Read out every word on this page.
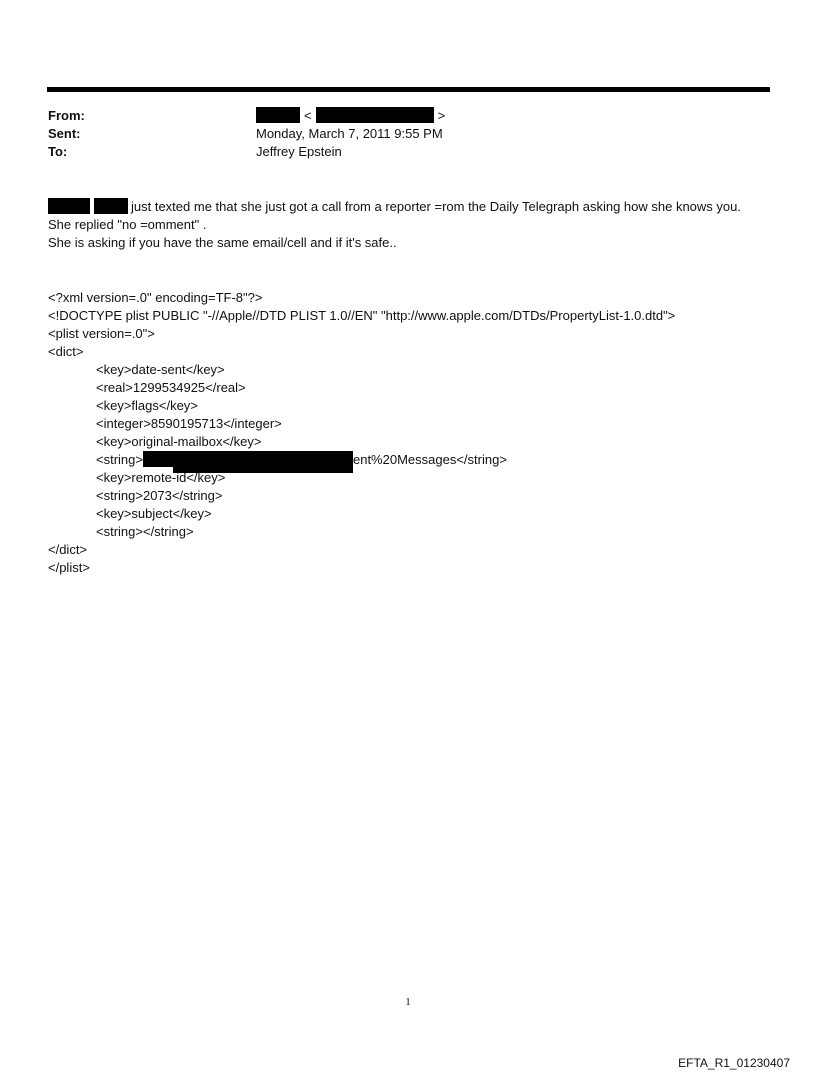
From:	<	>
Sent:	Monday, March 7, 2011 9:55 PM
To:	Jeffrey Epstein

just texted me that she just got a call from a reporter =rom the Daily Telegraph asking how she knows you.

She replied "no =omment" .

She is asking if you have the same email/cell and if it's safe..

<?xml version=.0" encoding=TF-8"?>
<!DOCTYPE plist PUBLIC "-//Apple//DTD PLIST 1.0//EN" "http://www.apple.com/DTDs/PropertyList-1.0.dtd">
<plist version=.0">
<dict>
<key>date-sent</key>
<real>1299534925</real>
<key>flags</key>
<integer>8590195713</integer>
<key>original-mailbox</key>
<string>	ent%20Messages</string>
<key>remote-id</key>
<string>2073</string>
<key>subject</key>
<string></string>
</dict>
</plist>
1
EFTA_R1_01230407
